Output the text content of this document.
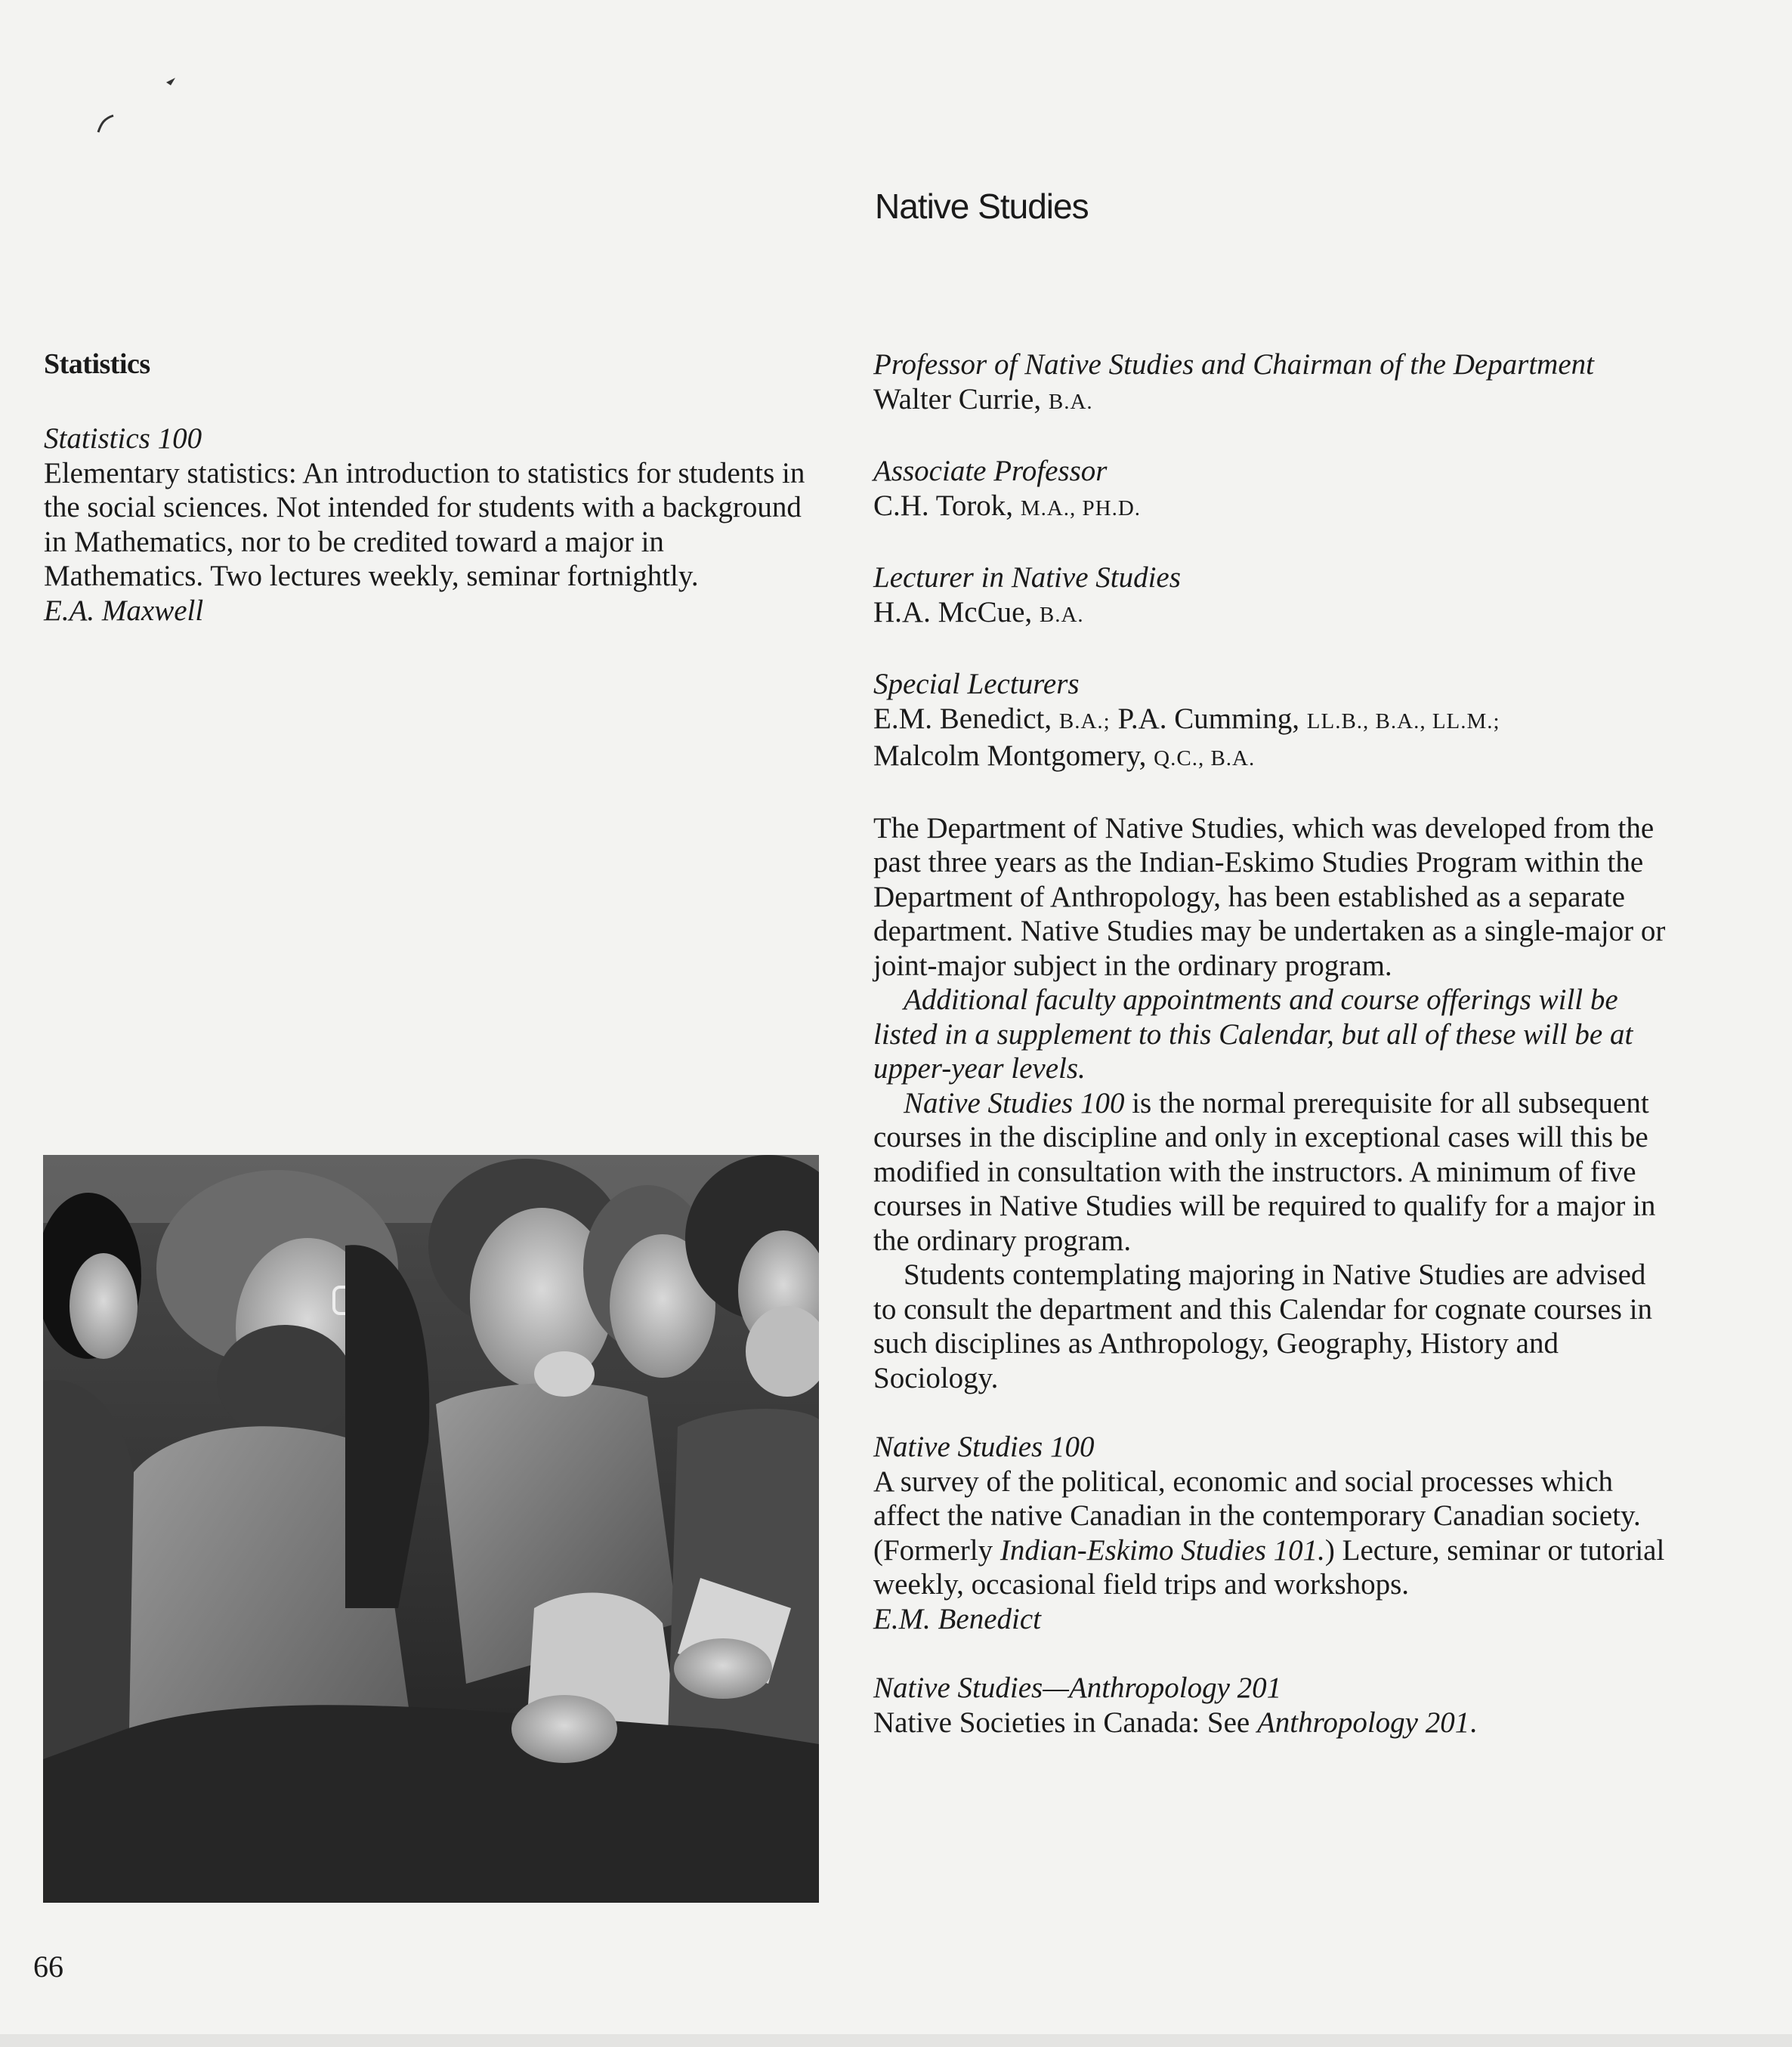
Native Studies
Statistics
Statistics 100
Elementary statistics: An introduction to statistics for students in the social sciences. Not intended for students with a background in Mathematics, nor to be credited toward a major in Mathematics. Two lectures weekly, seminar fortnightly.
E.A. Maxwell
Professor of Native Studies and Chairman of the Department
Walter Currie, B.A.
Associate Professor
C.H. Torok, M.A., PH.D.
Lecturer in Native Studies
H.A. McCue, B.A.
Special Lecturers
E.M. Benedict, B.A.; P.A. Cumming, LL.B., B.A., LL.M.;
Malcolm Montgomery, Q.C., B.A.

The Department of Native Studies, which was developed from the past three years as the Indian-Eskimo Studies Program within the Department of Anthropology, has been established as a separate department. Native Studies may be undertaken as a single-major or joint-major subject in the ordinary program.

Additional faculty appointments and course offerings will be listed in a supplement to this Calendar, but all of these will be at upper-year levels.

Native Studies 100 is the normal prerequisite for all subsequent courses in the discipline and only in exceptional cases will this be modified in consultation with the instructors. A minimum of five courses in Native Studies will be required to qualify for a major in the ordinary program.

Students contemplating majoring in Native Studies are advised to consult the department and this Calendar for cognate courses in such disciplines as Anthropology, Geography, History and Sociology.

Native Studies 100
A survey of the political, economic and social processes which affect the native Canadian in the contemporary Canadian society. (Formerly Indian-Eskimo Studies 101.) Lecture, seminar or tutorial weekly, occasional field trips and workshops.
E.M. Benedict
Native Studies—Anthropology 201
Native Societies in Canada: See Anthropology 201.
66
